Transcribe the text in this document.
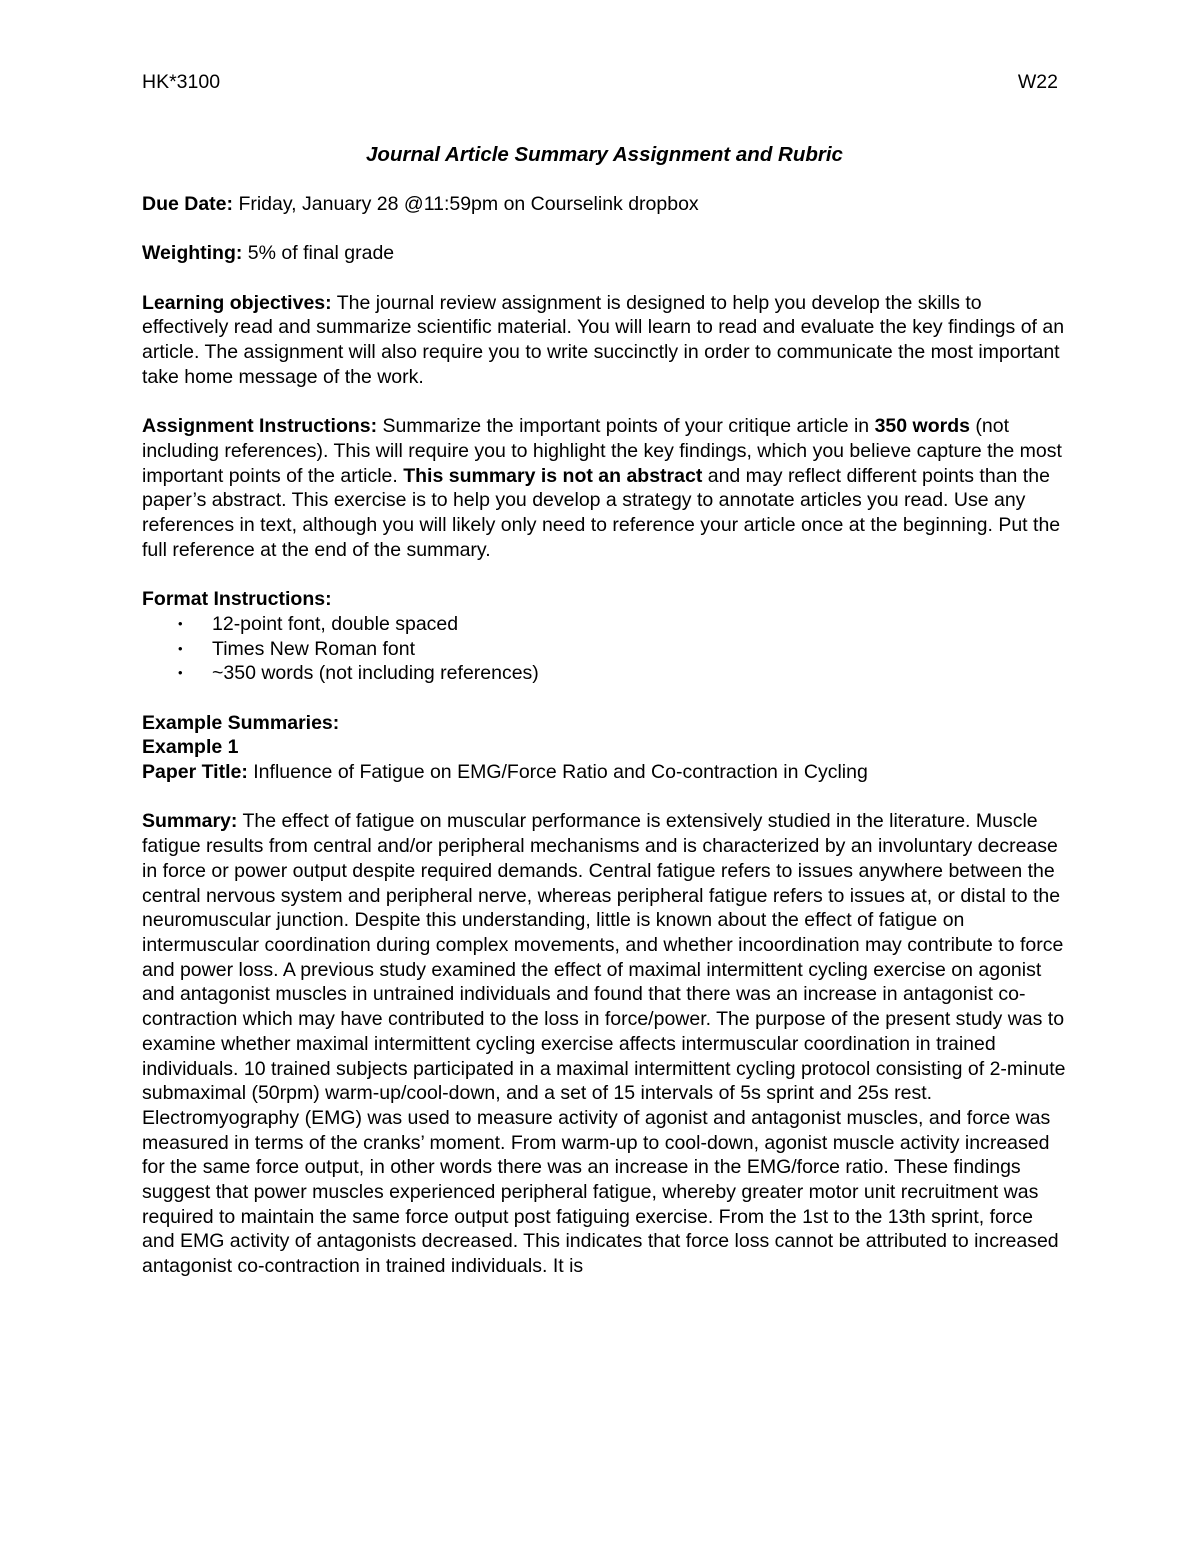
HK*3100	W22
Journal Article Summary Assignment and Rubric

Due Date: Friday, January 28 @11:59pm on Courselink dropbox

Weighting: 5% of final grade

Learning objectives: The journal review assignment is designed to help you develop the skills to effectively read and summarize scientific material. You will learn to read and evaluate the key findings of an article. The assignment will also require you to write succinctly in order to communicate the most important take home message of the work.

Assignment Instructions: Summarize the important points of your critique article in 350 words (not including references). This will require you to highlight the key findings, which you believe capture the most important points of the article. This summary is not an abstract and may reflect different points than the paper’s abstract. This exercise is to help you develop a strategy to annotate articles you read. Use any references in text, although you will likely only need to reference your article once at the beginning. Put the full reference at the end of the summary.

Format Instructions:
• 12-point font, double spaced
• Times New Roman font
• ~350 words (not including references)

Example Summaries:

Example 1

Paper Title: Influence of Fatigue on EMG/Force Ratio and Co-contraction in Cycling

Summary: The effect of fatigue on muscular performance is extensively studied in the literature. Muscle fatigue results from central and/or peripheral mechanisms and is characterized by an involuntary decrease in force or power output despite required demands. Central fatigue refers to issues anywhere between the central nervous system and peripheral nerve, whereas peripheral fatigue refers to issues at, or distal to the neuromuscular junction. Despite this understanding, little is known about the effect of fatigue on intermuscular coordination during complex movements, and whether incoordination may contribute to force and power loss. A previous study examined the effect of maximal intermittent cycling exercise on agonist and antagonist muscles in untrained individuals and found that there was an increase in antagonist co-contraction which may have contributed to the loss in force/power. The purpose of the present study was to examine whether maximal intermittent cycling exercise affects intermuscular coordination in trained individuals. 10 trained subjects participated in a maximal intermittent cycling protocol consisting of 2-minute submaximal (50rpm) warm-up/cool-down, and a set of 15 intervals of 5s sprint and 25s rest. Electromyography (EMG) was used to measure activity of agonist and antagonist muscles, and force was measured in terms of the cranks’ moment. From warm-up to cool-down, agonist muscle activity increased for the same force output, in other words there was an increase in the EMG/force ratio. These findings suggest that power muscles experienced peripheral fatigue, whereby greater motor unit recruitment was required to maintain the same force output post fatiguing exercise. From the 1st to the 13th sprint, force and EMG activity of antagonists decreased. This indicates that force loss cannot be attributed to increased antagonist co-contraction in trained individuals. It is
